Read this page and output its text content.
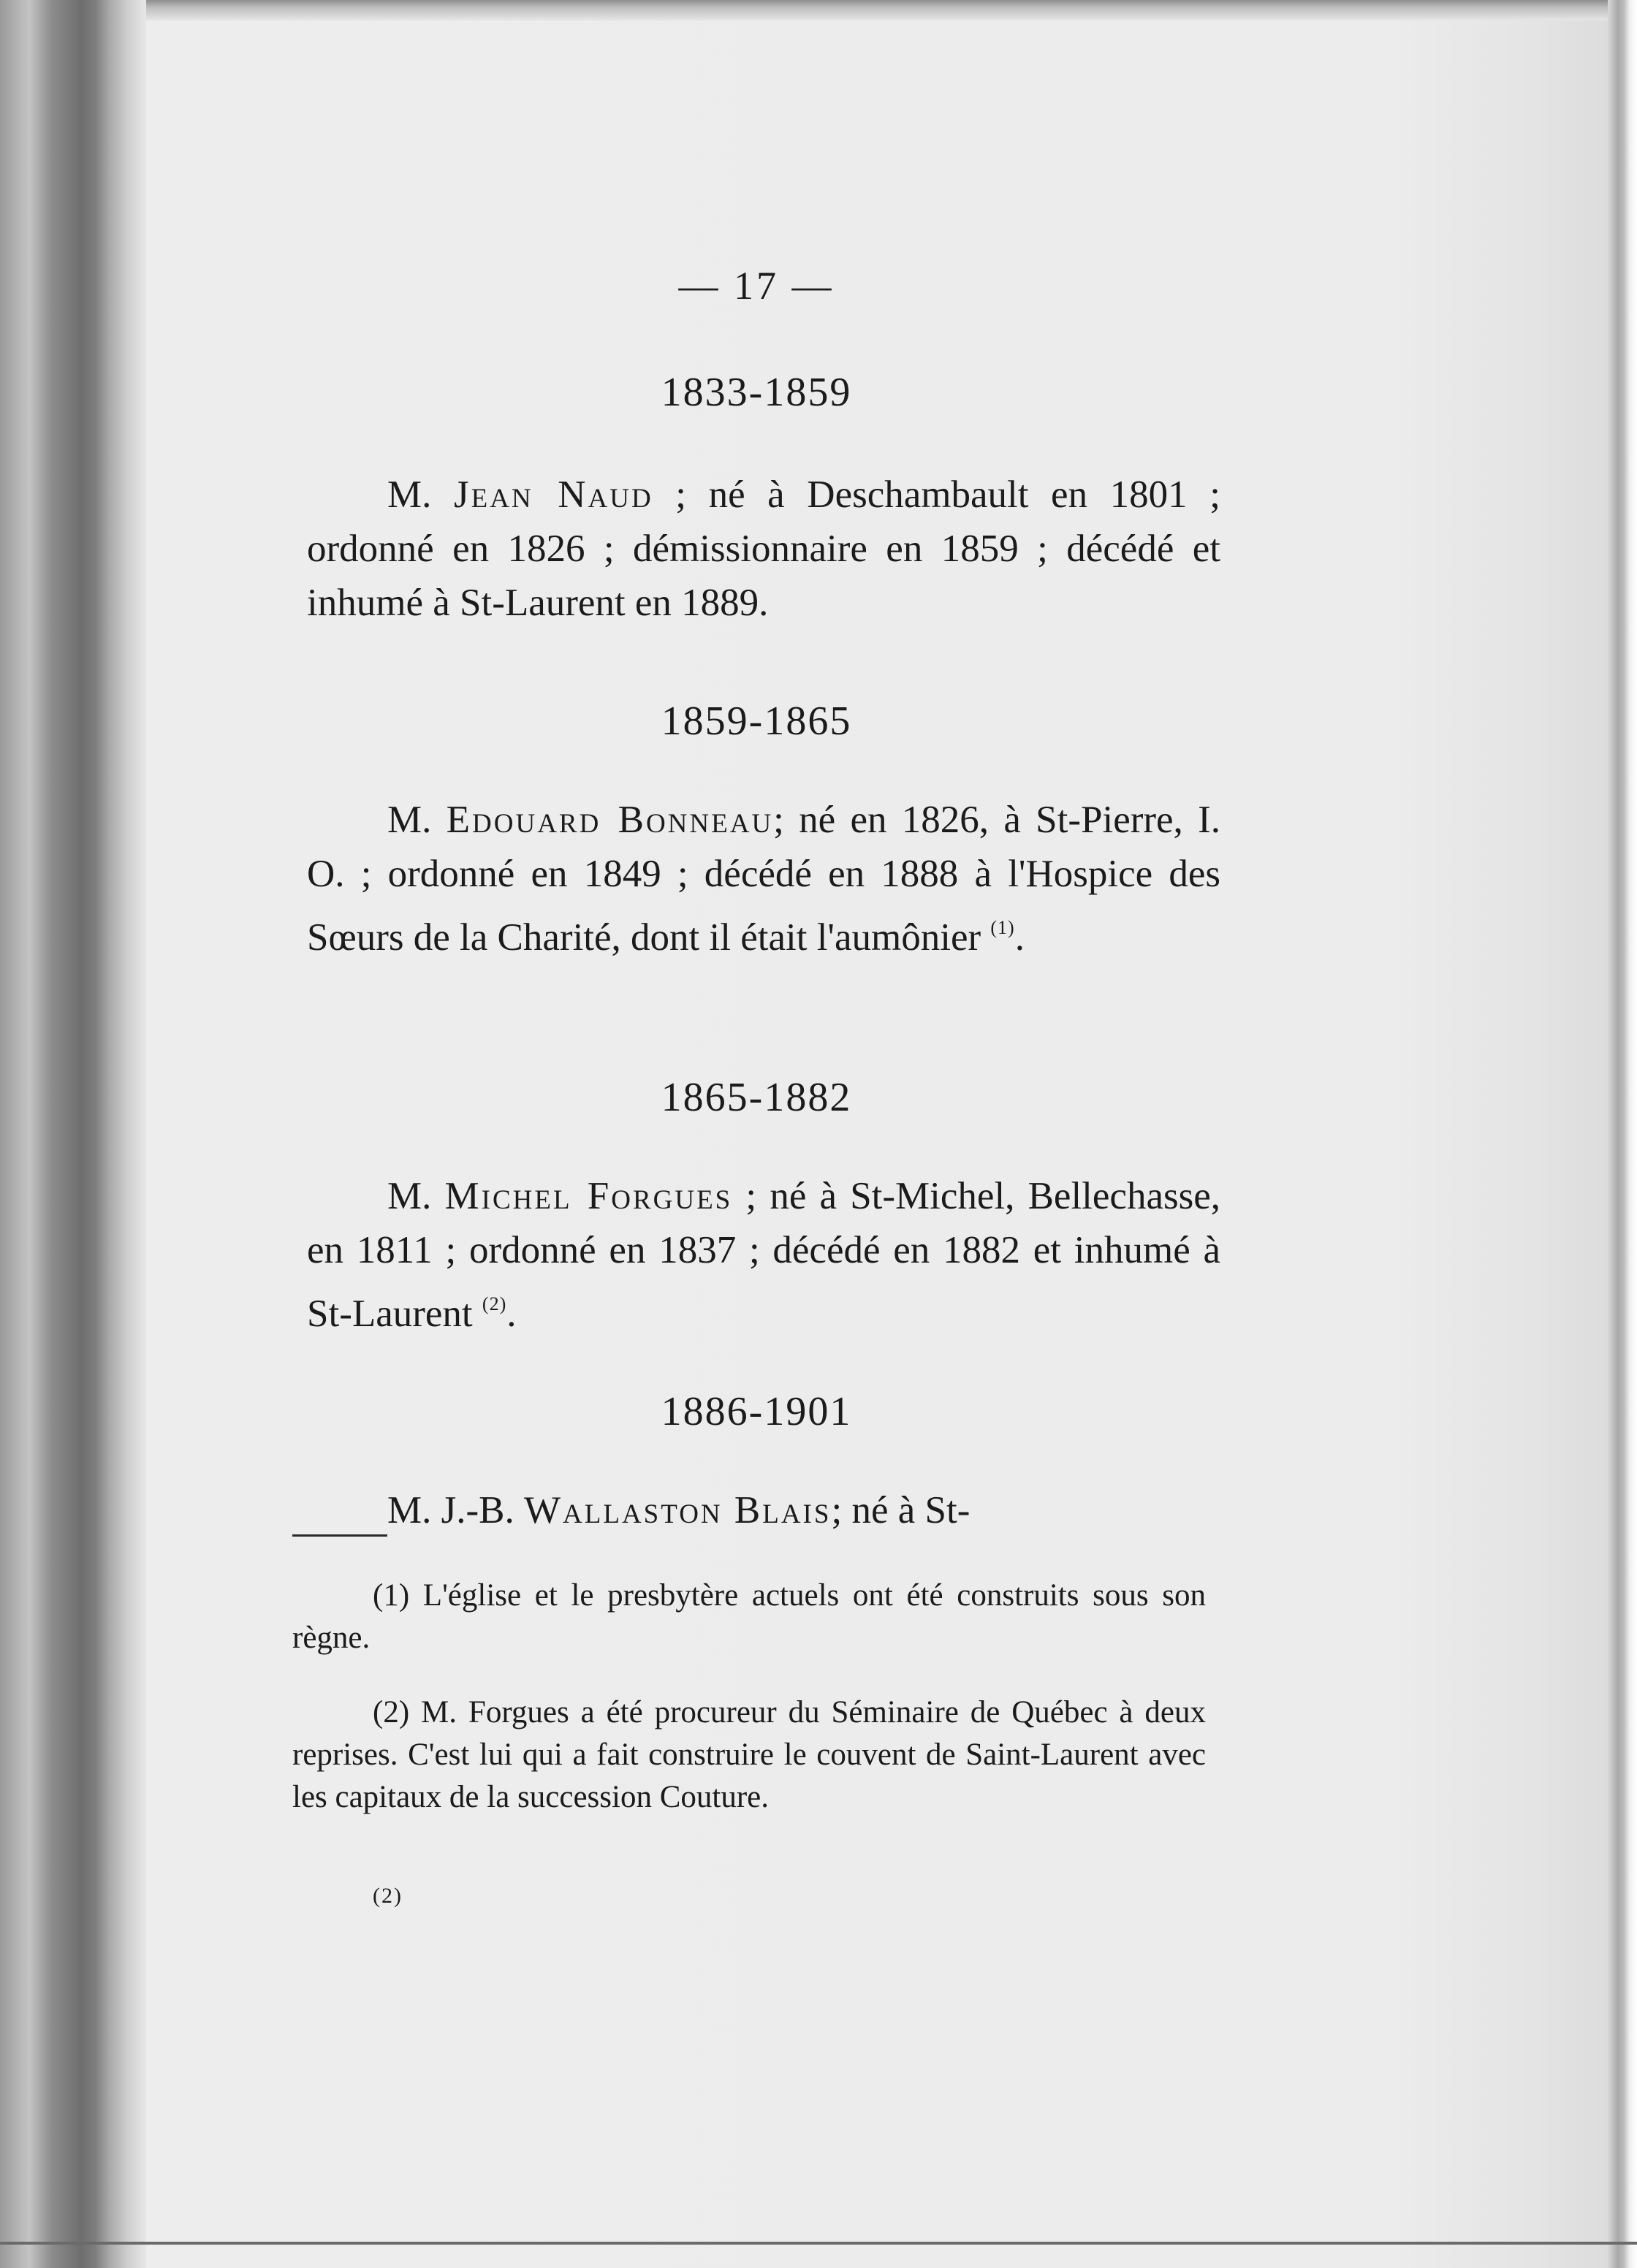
— 17 —
1833-1859
M. Jean Naud ; né à Deschambault en 1801 ; ordonné en 1826 ; démissionnaire en 1859 ; décédé et inhumé à St-Laurent en 1889.
1859-1865
M. Edouard Bonneau; né en 1826, à St-Pierre, I. O. ; ordonné en 1849 ; décédé en 1888 à l'Hospice des Sœurs de la Charité, dont il était l'aumônier $^{(1)}$.
1865-1882
M. Michel Forgues ; né à St-Michel, Bellechasse, en 1811 ; ordonné en 1837 ; décédé en 1882 et inhumé à St-Laurent $^{(2)}$.
1886-1901
M. J.-B. Wallaston Blais; né à St-
(1) L'église et le presbytère actuels ont été construits sous son règne.
(2) M. Forgues a été procureur du Séminaire de Québec à deux reprises. C'est lui qui a fait construire le couvent de Saint-Laurent avec les capitaux de la succession Couture.
(2)
